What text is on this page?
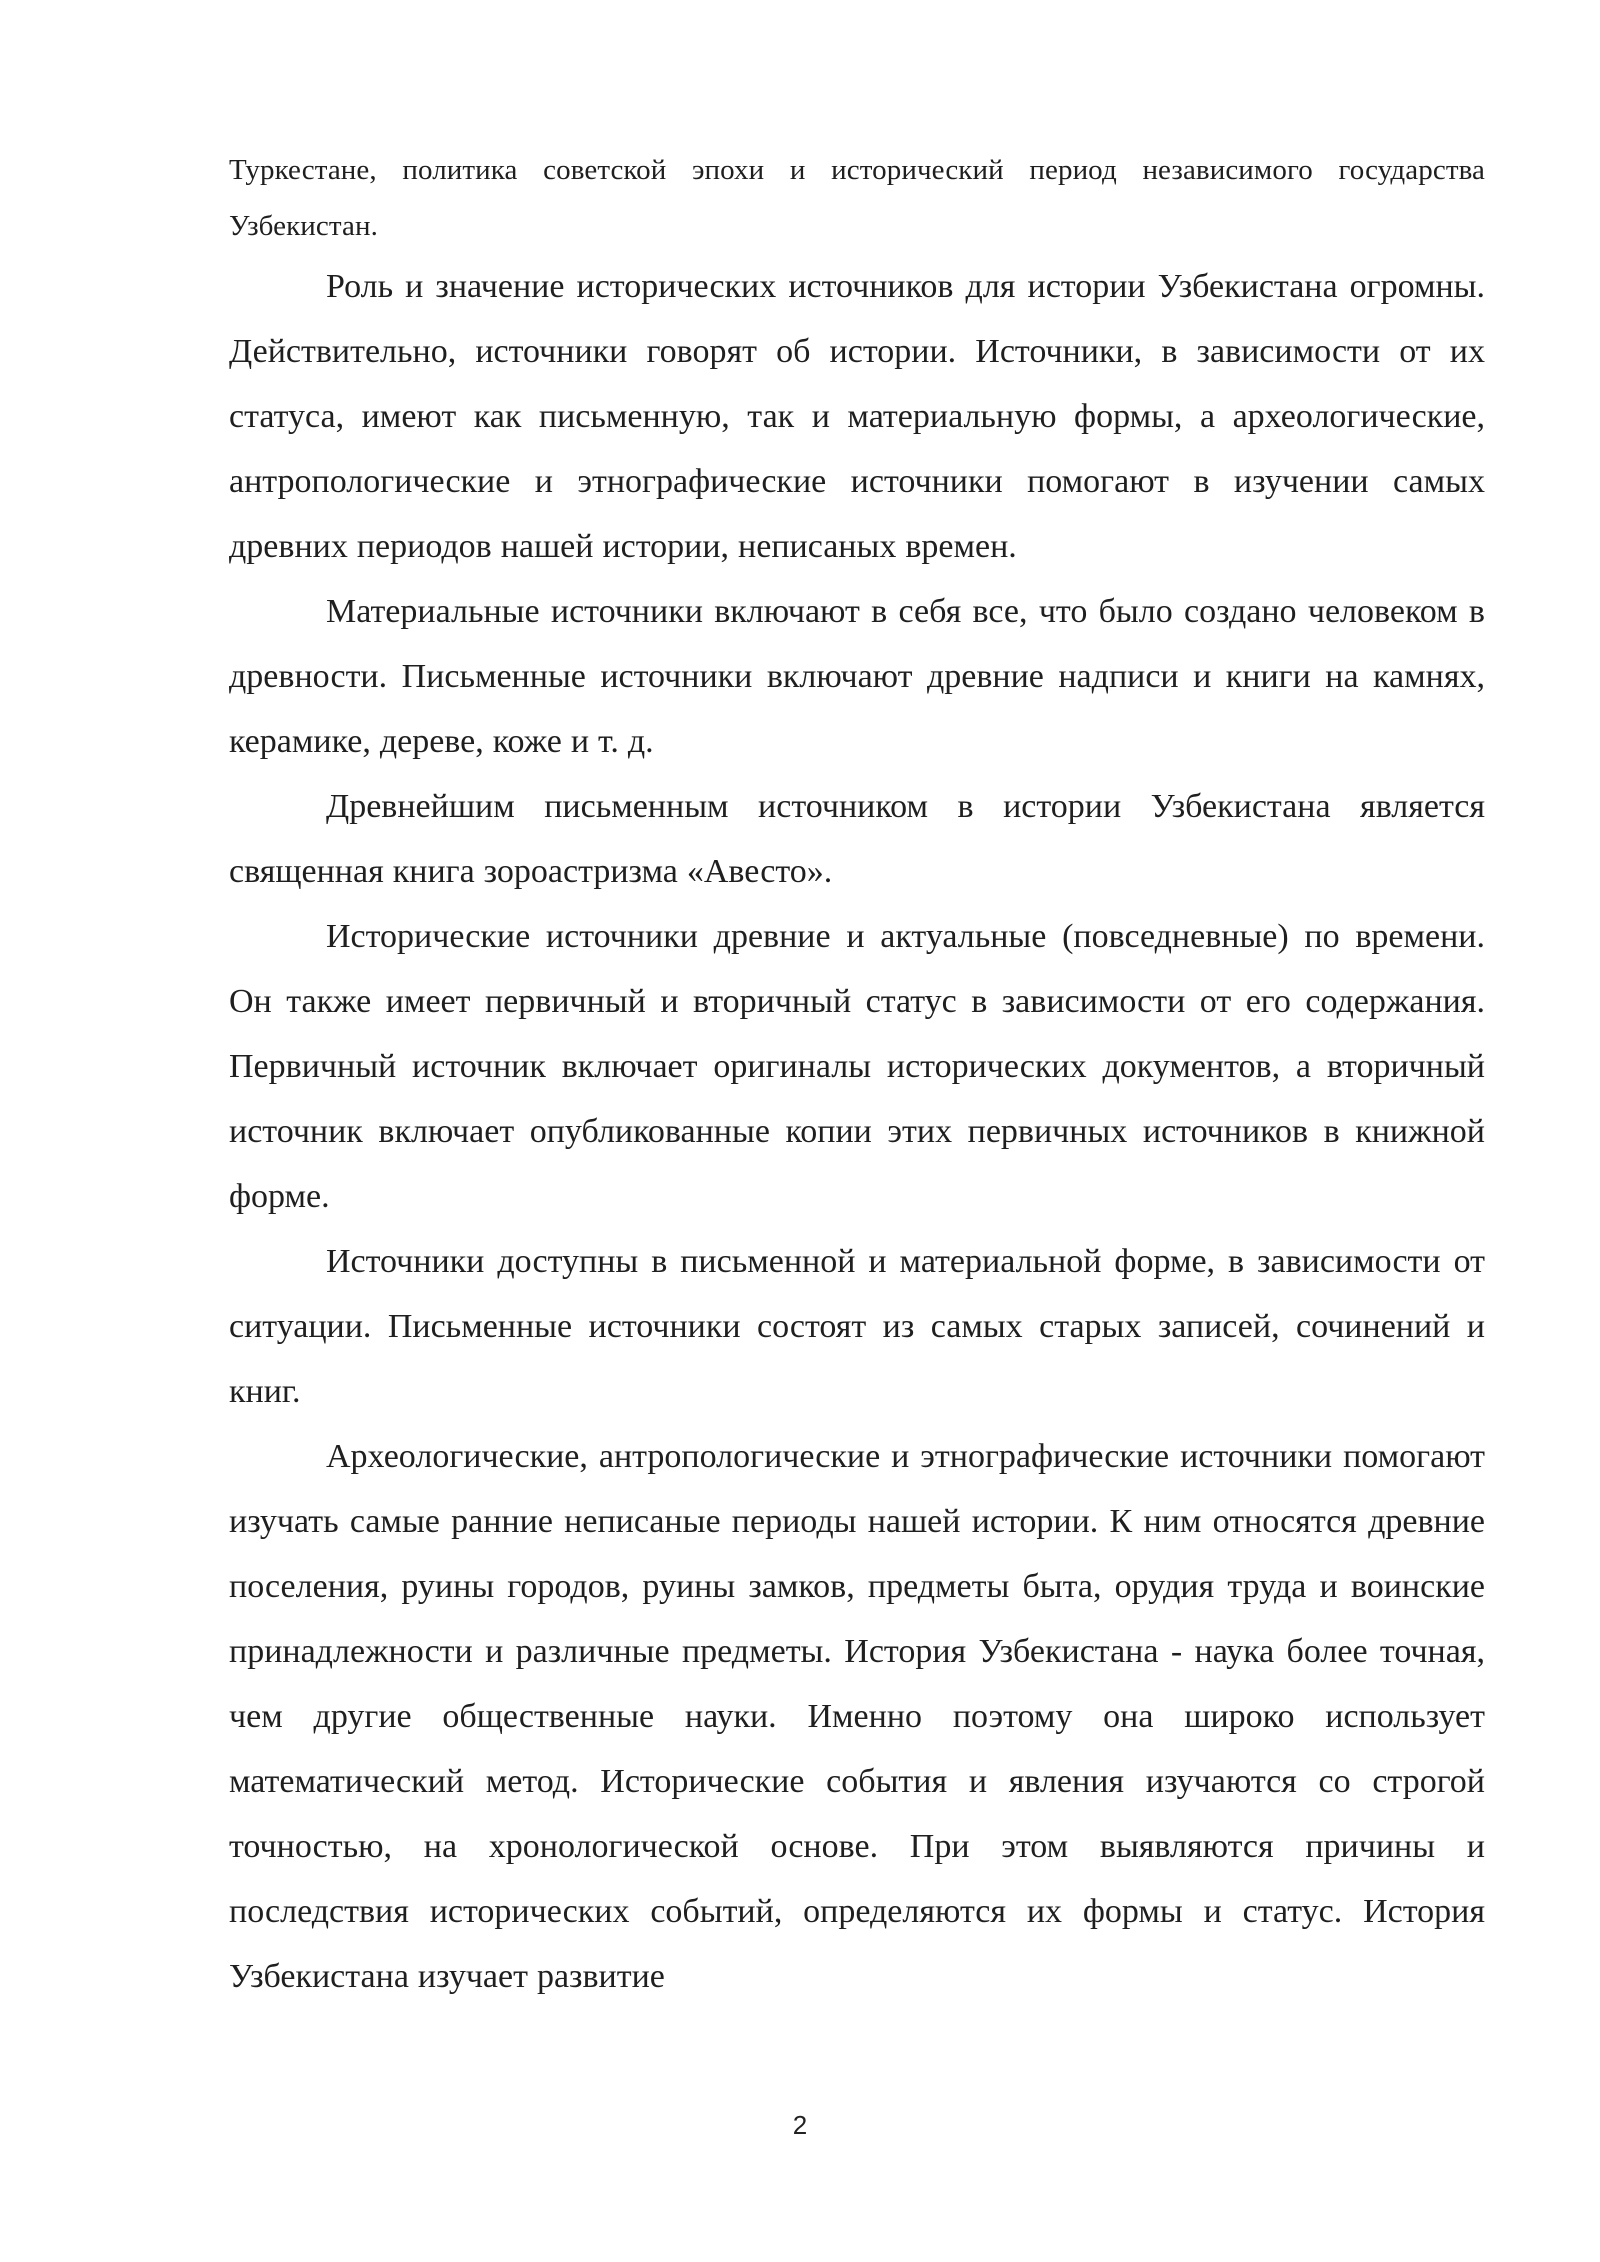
Туркестане, политика советской эпохи и исторический период независимого государства Узбекистан.

Роль и значение исторических источников для истории Узбекистана огромны. Действительно, источники говорят об истории. Источники, в зависимости от их статуса, имеют как письменную, так и материальную формы, а археологические, антропологические и этнографические источники помогают в изучении самых древних периодов нашей истории, неписаных времен.

Материальные источники включают в себя все, что было создано человеком в древности. Письменные источники включают древние надписи и книги на камнях, керамике, дереве, коже и т. д.

Древнейшим письменным источником в истории Узбекистана является священная книга зороастризма «Авесто».

Исторические источники древние и актуальные (повседневные) по времени. Он также имеет первичный и вторичный статус в зависимости от его содержания. Первичный источник включает оригиналы исторических документов, а вторичный источник включает опубликованные копии этих первичных источников в книжной форме.

Источники доступны в письменной и материальной форме, в зависимости от ситуации. Письменные источники состоят из самых старых записей, сочинений и книг.

Археологические, антропологические и этнографические источники помогают изучать самые ранние неписаные периоды нашей истории. К ним относятся древние поселения, руины городов, руины замков, предметы быта, орудия труда и воинские принадлежности и различные предметы. История Узбекистана - наука более точная, чем другие общественные науки. Именно поэтому она широко использует математический метод. Исторические события и явления изучаются со строгой точностью, на хронологической основе. При этом выявляются причины и последствия исторических событий, определяются их формы и статус. История Узбекистана изучает развитие

2
